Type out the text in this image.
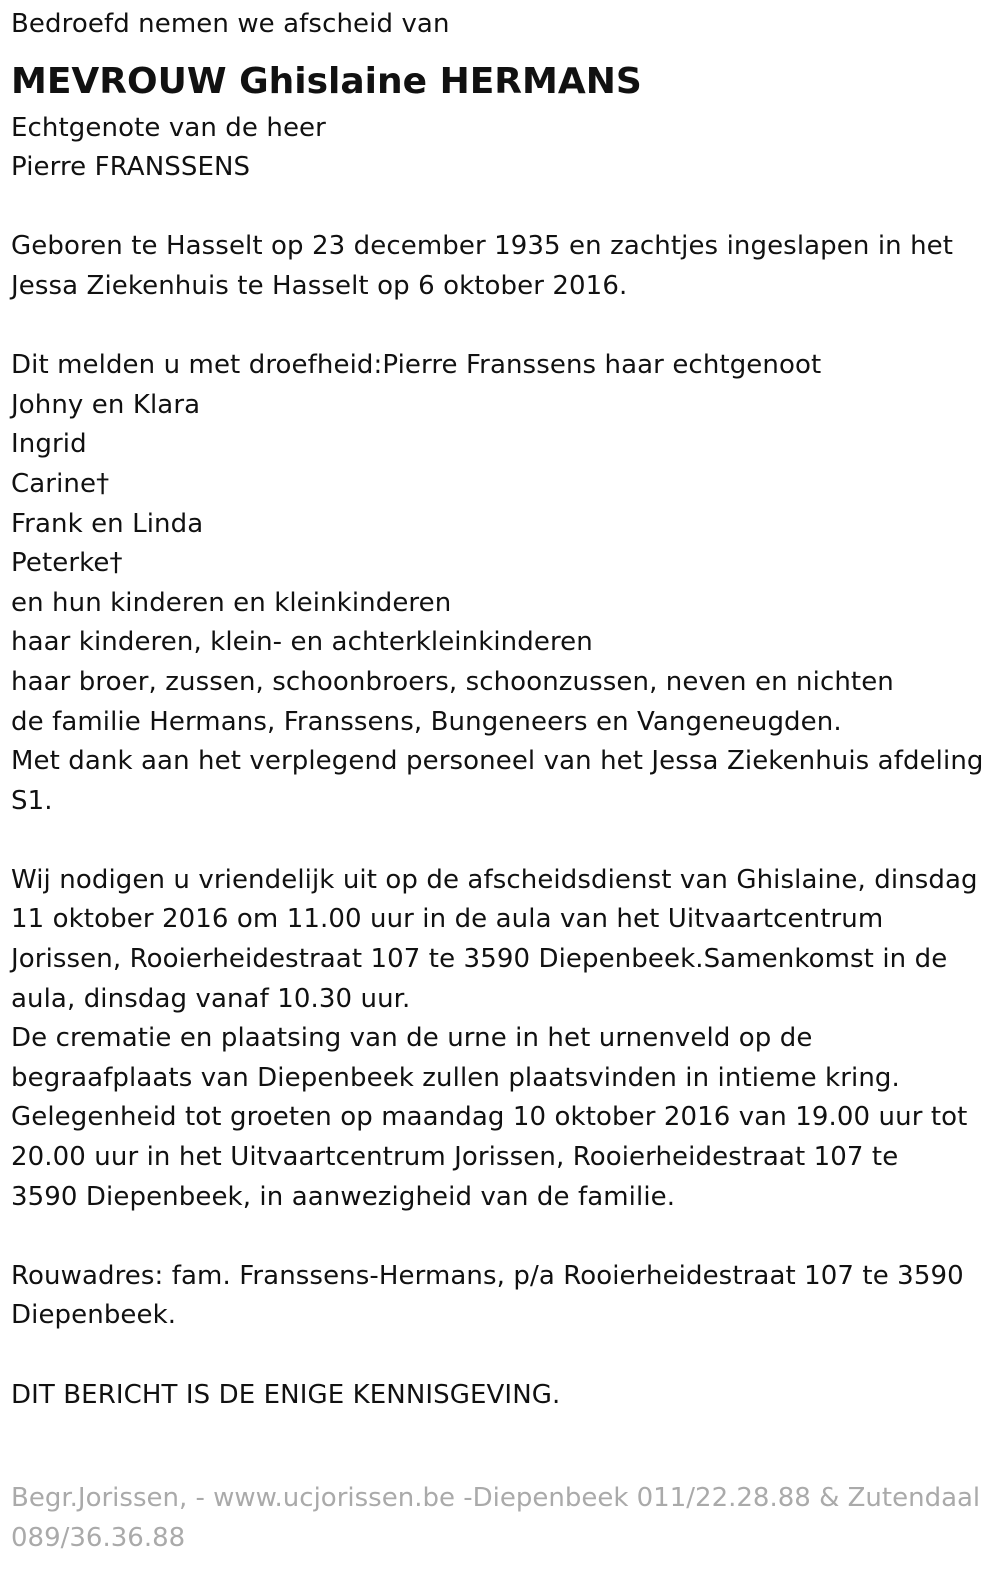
Bedroefd nemen we afscheid van
MEVROUW Ghislaine HERMANS
Echtgenote van de heer
Pierre FRANSSENS
Geboren te Hasselt op 23 december 1935 en zachtjes ingeslapen in het
Jessa Ziekenhuis te Hasselt op 6 oktober 2016.
Dit melden u met droefheid:Pierre Franssens haar echtgenoot
Johny en Klara
Ingrid
Carine†
Frank en Linda
Peterke†
en hun kinderen en kleinkinderen
haar kinderen, klein- en achterkleinkinderen
haar broer, zussen, schoonbroers, schoonzussen, neven en nichten
de familie Hermans, Franssens, Bungeneers en Vangeneugden.
Met dank aan het verplegend personeel van het Jessa Ziekenhuis afdeling
S1.
Wij nodigen u vriendelijk uit op de afscheidsdienst van Ghislaine, dinsdag
11 oktober 2016 om 11.00 uur in de aula van het Uitvaartcentrum
Jorissen, Rooierheidestraat 107 te 3590 Diepenbeek.Samenkomst in de
aula, dinsdag vanaf 10.30 uur.
De crematie en plaatsing van de urne in het urnenveld op de
begraafplaats van Diepenbeek zullen plaatsvinden in intieme kring.
Gelegenheid tot groeten op maandag 10 oktober 2016 van 19.00 uur tot
20.00 uur in het Uitvaartcentrum Jorissen, Rooierheidestraat 107 te
3590 Diepenbeek, in aanwezigheid van de familie.
Rouwadres: fam. Franssens-Hermans, p/a Rooierheidestraat 107 te 3590
Diepenbeek.
DIT BERICHT IS DE ENIGE KENNISGEVING.
Begr.Jorissen, - www.ucjorissen.be -Diepenbeek 011/22.28.88 & Zutendaal
089/36.36.88
